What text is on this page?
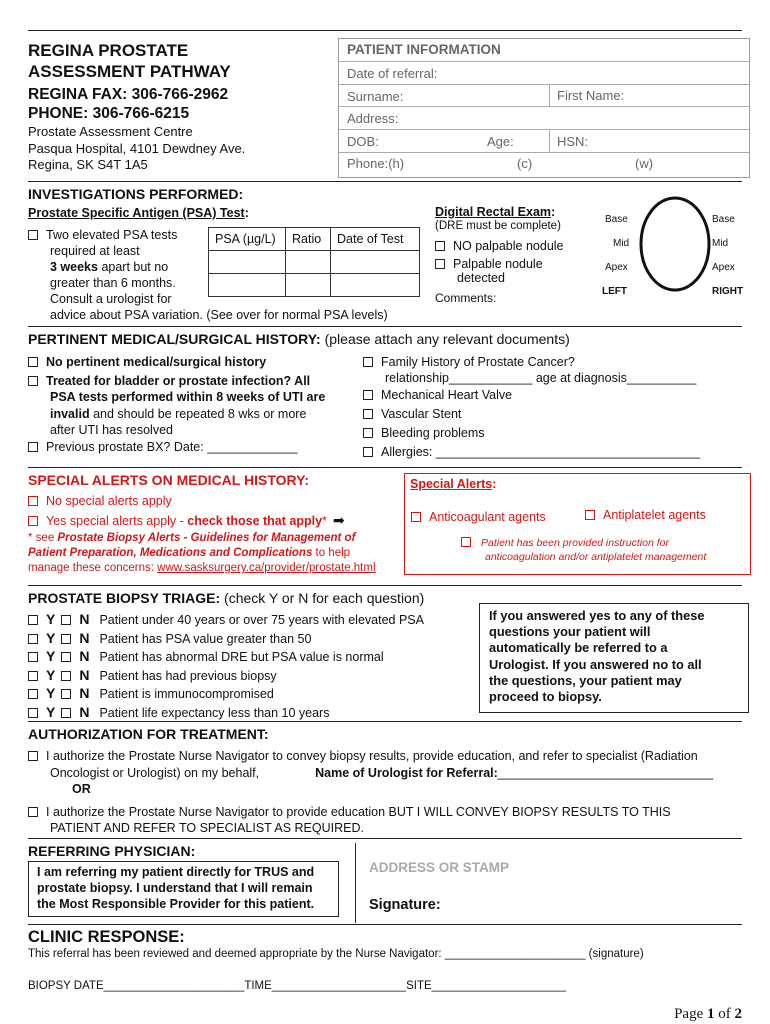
REGINA PROSTATE
ASSESSMENT PATHWAY
REGINA FAX: 306-766-2962
PHONE: 306-766-6215
Prostate Assessment Centre
Pasqua Hospital, 4101 Dewdney Ave.
Regina, SK S4T 1A5
PATIENT INFORMATION
Date of referral:
Surname:	First Name:
Address:
DOB:	Age:	HSN:
Phone:(h)	(c)	(w)
INVESTIGATIONS PERFORMED:
Prostate Specific Antigen (PSA) Test:
Two elevated PSA tests
required at least
3 weeks apart but no
greater than 6 months.
Consult a urologist for
advice about PSA variation. (See over for normal PSA levels)
PSA (µg/L)	Ratio	Date of Test

Digital Rectal Exam:
(DRE must be complete)
NO palpable nodule
Palpable nodule
detected
Comments:
Base
Mid
Apex
LEFT
Base
Mid
Apex
RIGHT
PERTINENT MEDICAL/SURGICAL HISTORY: (please attach any relevant documents)
No pertinent medical/surgical history
Treated for bladder or prostate infection? All
PSA tests performed within 8 weeks of UTI are
invalid and should be repeated 8 wks or more
after UTI has resolved
Previous prostate BX? Date: _____________
Family History of Prostate Cancer?
relationship____________ age at diagnosis__________
Mechanical Heart Valve
Vascular Stent
Bleeding problems
Allergies: ______________________________________
SPECIAL ALERTS ON MEDICAL HISTORY:
No special alerts apply
Yes special alerts apply - check those that apply* ➡
* see Prostate Biopsy Alerts - Guidelines for Management of
Patient Preparation, Medications and Complications to help
manage these concerns: www.sasksurgery.ca/provider/prostate.html
Special Alerts:
Anticoagulant agents	Antiplatelet agents
Patient has been provided instruction for
anticoagulation and/or antiplatelet management
PROSTATE BIOPSY TRIAGE: (check Y or N for each question)
Y N Patient under 40 years or over 75 years with elevated PSA
Y N Patient has PSA value greater than 50
Y N Patient has abnormal DRE but PSA value is normal
Y N Patient has had previous biopsy
Y N Patient is immunocompromised
Y N Patient life expectancy less than 10 years
If you answered yes to any of these
questions your patient will
automatically be referred to a
Urologist. If you answered no to all
the questions, your patient may
proceed to biopsy.
AUTHORIZATION FOR TREATMENT:
I authorize the Prostate Nurse Navigator to convey biopsy results, provide education, and refer to specialist (Radiation
Oncologist or Urologist) on my behalf,	Name of Urologist for Referral:_______________________________
OR
I authorize the Prostate Nurse Navigator to provide education BUT I WILL CONVEY BIOPSY RESULTS TO THIS
PATIENT AND REFER TO SPECIALIST AS REQUIRED.
REFERRING PHYSICIAN:
I am referring my patient directly for TRUS and
prostate biopsy. I understand that I will remain
the Most Responsible Provider for this patient.
ADDRESS OR STAMP
Signature:
CLINIC RESPONSE:
This referral has been reviewed and deemed appropriate by the Nurse Navigator: ______________________ (signature)
BIOPSY DATE______________________TIME_____________________SITE_____________________
Page 1 of 2
